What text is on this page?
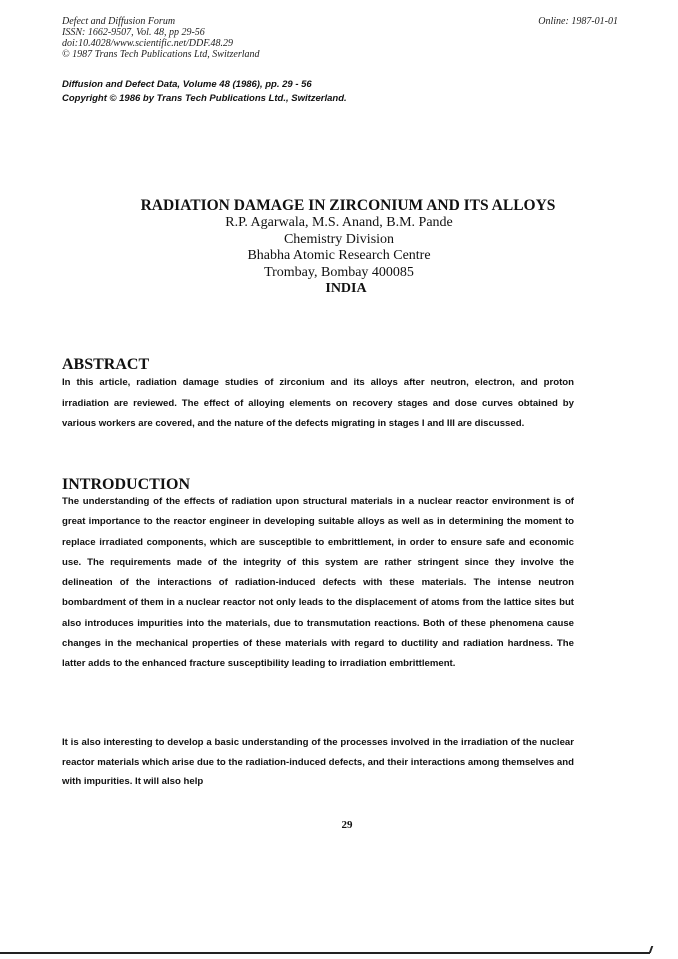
Defect and Diffusion Forum
ISSN: 1662-9507, Vol. 48, pp 29-56
doi:10.4028/www.scientific.net/DDF.48.29
© 1987 Trans Tech Publications Ltd, Switzerland
Online: 1987-01-01
Diffusion and Defect Data, Volume 48 (1986), pp. 29 - 56
Copyright © 1986 by Trans Tech Publications Ltd., Switzerland.
RADIATION DAMAGE IN ZIRCONIUM AND ITS ALLOYS
R.P. Agarwala, M.S. Anand, B.M. Pande
Chemistry Division
Bhabha Atomic Research Centre
Trombay, Bombay 400085
INDIA
ABSTRACT

In this article, radiation damage studies of zirconium and its alloys after neutron, electron, and proton irradiation are reviewed. The effect of alloying elements on recovery stages and dose curves obtained by various workers are covered, and the nature of the defects migrating in stages I and III are discussed.

INTRODUCTION

The understanding of the effects of radiation upon structural materials in a nuclear reactor environment is of great importance to the reactor engineer in developing suitable alloys as well as in determining the moment to replace irradiated components, which are susceptible to embrittlement, in order to ensure safe and economic use. The requirements made of the integrity of this system are rather stringent since they involve the delineation of the interactions of radiation-induced defects with these materials. The intense neutron bombardment of them in a nuclear reactor not only leads to the displacement of atoms from the lattice sites but also introduces impurities into the materials, due to transmutation reactions. Both of these phenomena cause changes in the mechanical properties of these materials with regard to ductility and radiation hardness. The latter adds to the enhanced fracture susceptibility leading to irradiation embrittlement.

It is also interesting to develop a basic understanding of the processes involved in the irradiation of the nuclear reactor materials which arise due to the radiation-induced defects, and their interactions among themselves and with impurities. It will also help

29
